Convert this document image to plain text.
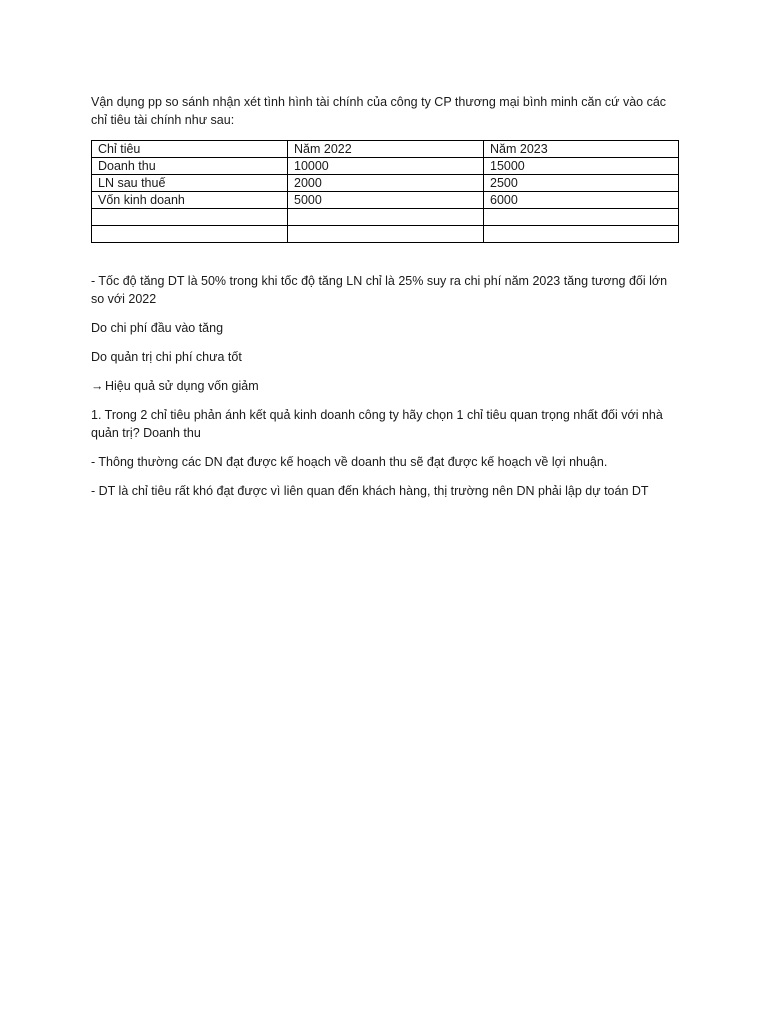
Vận dụng pp so sánh nhận xét tình hình tài chính của công ty CP thương mại bình minh căn cứ vào các chỉ tiêu tài chính như sau:

Chỉ tiêu	Năm 2022	Năm 2023
Doanh thu	10000	15000
LN sau thuế	2000	2500
Vốn kinh doanh	5000	6000

- Tốc độ tăng DT là 50% trong khi tốc độ tăng LN chỉ là 25% suy ra chi phí năm 2023 tăng tương đối lớn so với 2022

Do chi phí đầu vào tăng

Do quản trị chi phí chưa tốt

→ Hiệu quả sử dụng vốn giảm

1. Trong 2 chỉ tiêu phản ánh kết quả kinh doanh công ty hãy chọn 1 chỉ tiêu quan trọng nhất đối với nhà quản trị? Doanh thu

- Thông thường các DN đạt được kế hoạch về doanh thu sẽ đạt được kế hoạch về lợi nhuận.

- DT là chỉ tiêu rất khó đạt được vì liên quan đến khách hàng, thị trường nên DN phải lập dự toán DT
